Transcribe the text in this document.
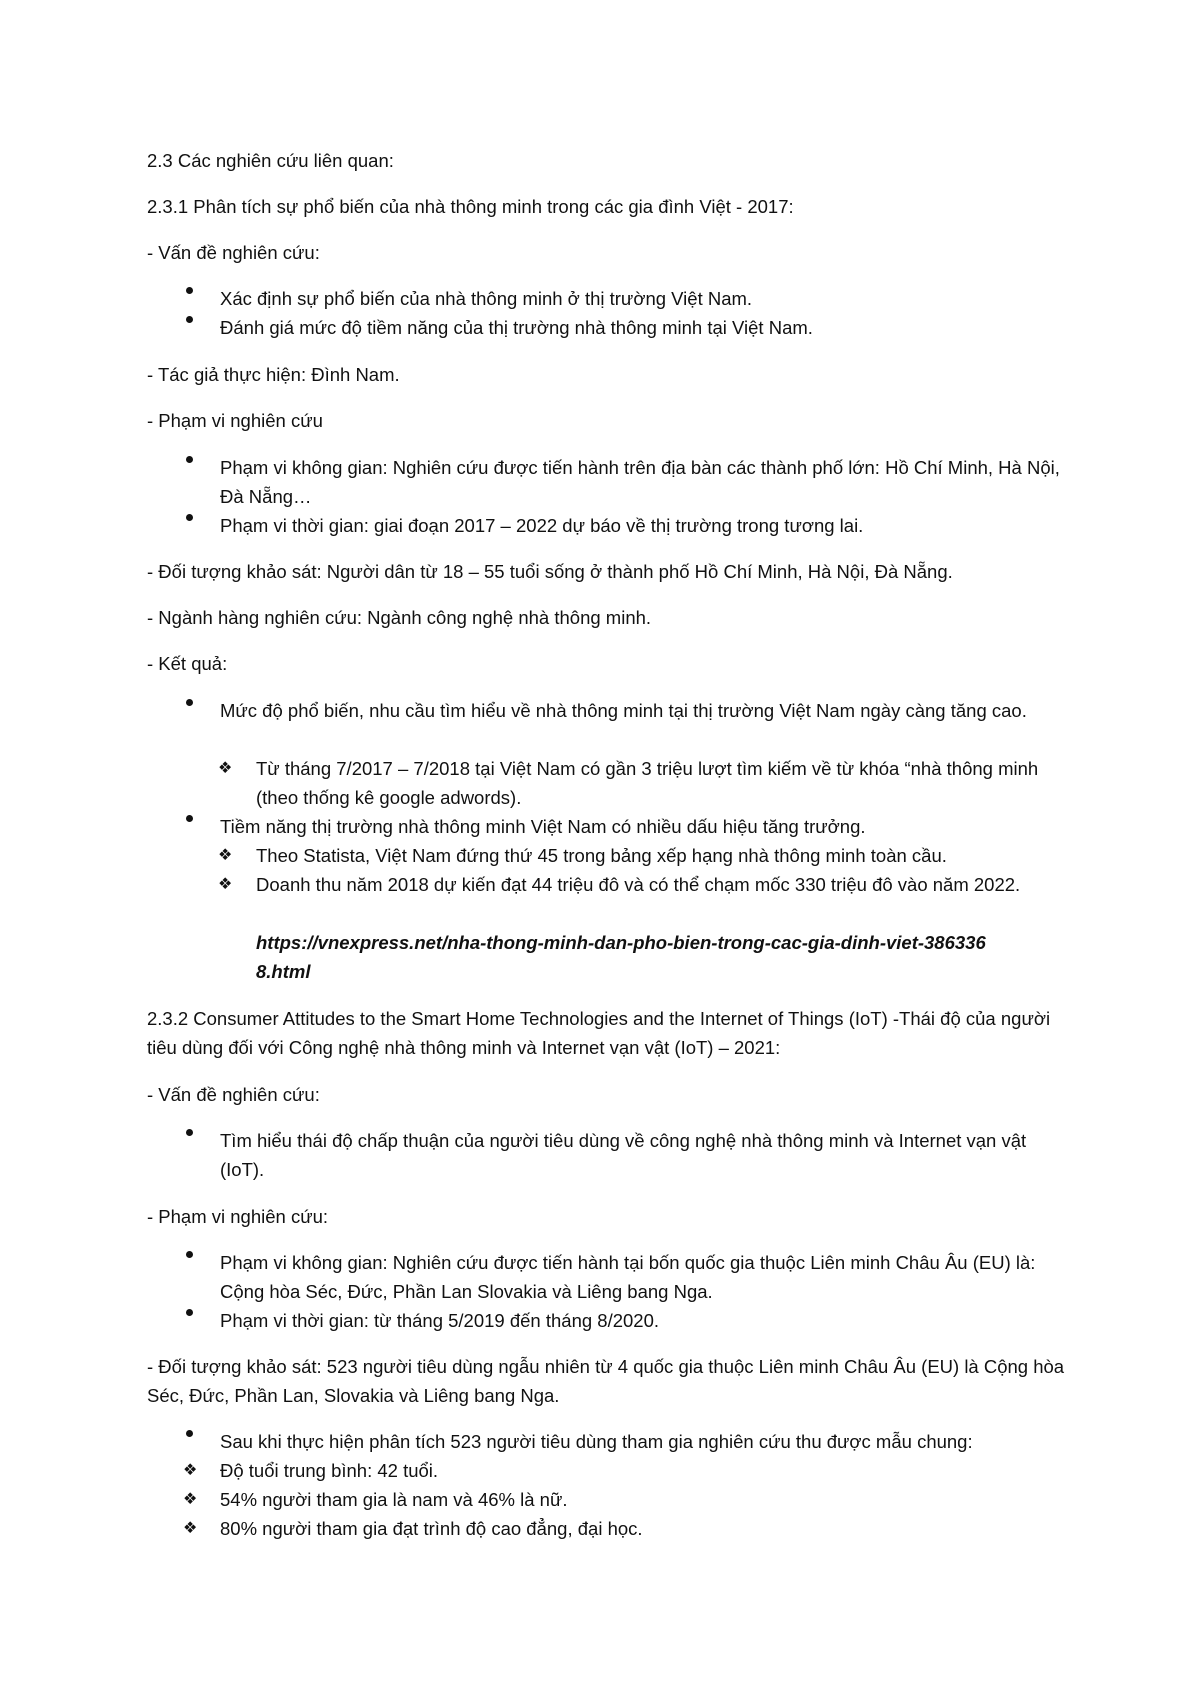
2.3 Các nghiên cứu liên quan:
2.3.1 Phân tích sự phổ biến của nhà thông minh trong các gia đình Việt - 2017:
- Vấn đề nghiên cứu:
Xác định sự phổ biến của nhà thông minh ở thị trường Việt Nam.
Đánh giá mức độ tiềm năng của thị trường nhà thông minh tại Việt Nam.
- Tác giả thực hiện: Đình Nam.
- Phạm vi nghiên cứu
Phạm vi không gian: Nghiên cứu được tiến hành trên địa bàn các thành phố lớn: Hồ Chí Minh, Hà Nội, Đà Nẵng…
Phạm vi thời gian: giai đoạn 2017 – 2022 dự báo về thị trường trong tương lai.
- Đối tượng khảo sát: Người dân từ 18 – 55 tuổi sống ở thành phố Hồ Chí Minh, Hà Nội, Đà Nẵng.
- Ngành hàng nghiên cứu: Ngành công nghệ nhà thông minh.
- Kết quả:
Mức độ phổ biến, nhu cầu tìm hiểu về nhà thông minh tại thị trường Việt Nam ngày càng tăng cao.
❖	Từ tháng 7/2017 – 7/2018 tại Việt Nam có gần 3 triệu lượt tìm kiếm về từ khóa “nhà thông minh (theo thống kê google adwords).
Tiềm năng thị trường nhà thông minh Việt Nam có nhiều dấu hiệu tăng trưởng.
❖	Theo Statista, Việt Nam đứng thứ 45 trong bảng xếp hạng nhà thông minh toàn cầu.
❖	Doanh thu năm 2018 dự kiến đạt 44 triệu đô và có thể chạm mốc 330 triệu đô vào năm 2022.
https://vnexpress.net/nha-thong-minh-dan-pho-bien-trong-cac-gia-dinh-viet-3863368.html
2.3.2 Consumer Attitudes to the Smart Home Technologies and the Internet of Things (IoT) -Thái độ của người tiêu dùng đối với Công nghệ nhà thông minh và Internet vạn vật (IoT) – 2021:
- Vấn đề nghiên cứu:
Tìm hiểu thái độ chấp thuận của người tiêu dùng về công nghệ nhà thông minh và Internet vạn vật (IoT).
- Phạm vi nghiên cứu:
Phạm vi không gian: Nghiên cứu được tiến hành tại bốn quốc gia thuộc Liên minh Châu Âu (EU) là: Cộng hòa Séc, Đức, Phần Lan Slovakia và Liêng bang Nga.
Phạm vi thời gian: từ tháng 5/2019 đến tháng 8/2020.
- Đối tượng khảo sát: 523 người tiêu dùng ngẫu nhiên từ 4 quốc gia thuộc Liên minh Châu Âu (EU) là Cộng hòa Séc, Đức, Phần Lan, Slovakia và Liêng bang Nga.
Sau khi thực hiện phân tích 523 người tiêu dùng tham gia nghiên cứu thu được mẫu chung:
❖	Độ tuổi trung bình: 42 tuổi.
❖	54% người tham gia là nam và 46% là nữ.
❖	80% người tham gia đạt trình độ cao đẳng, đại học.
